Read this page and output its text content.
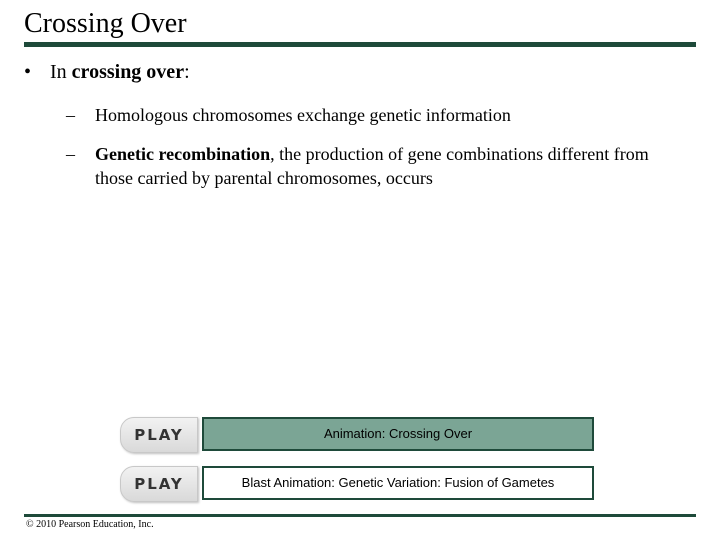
Crossing Over
• In crossing over:
–	Homologous chromosomes exchange genetic information
–	Genetic recombination, the production of gene combinations different from those carried by parental chromosomes, occurs
PLAY	Animation: Crossing Over
PLAY	Blast Animation: Genetic Variation: Fusion of Gametes
© 2010 Pearson Education, Inc.
